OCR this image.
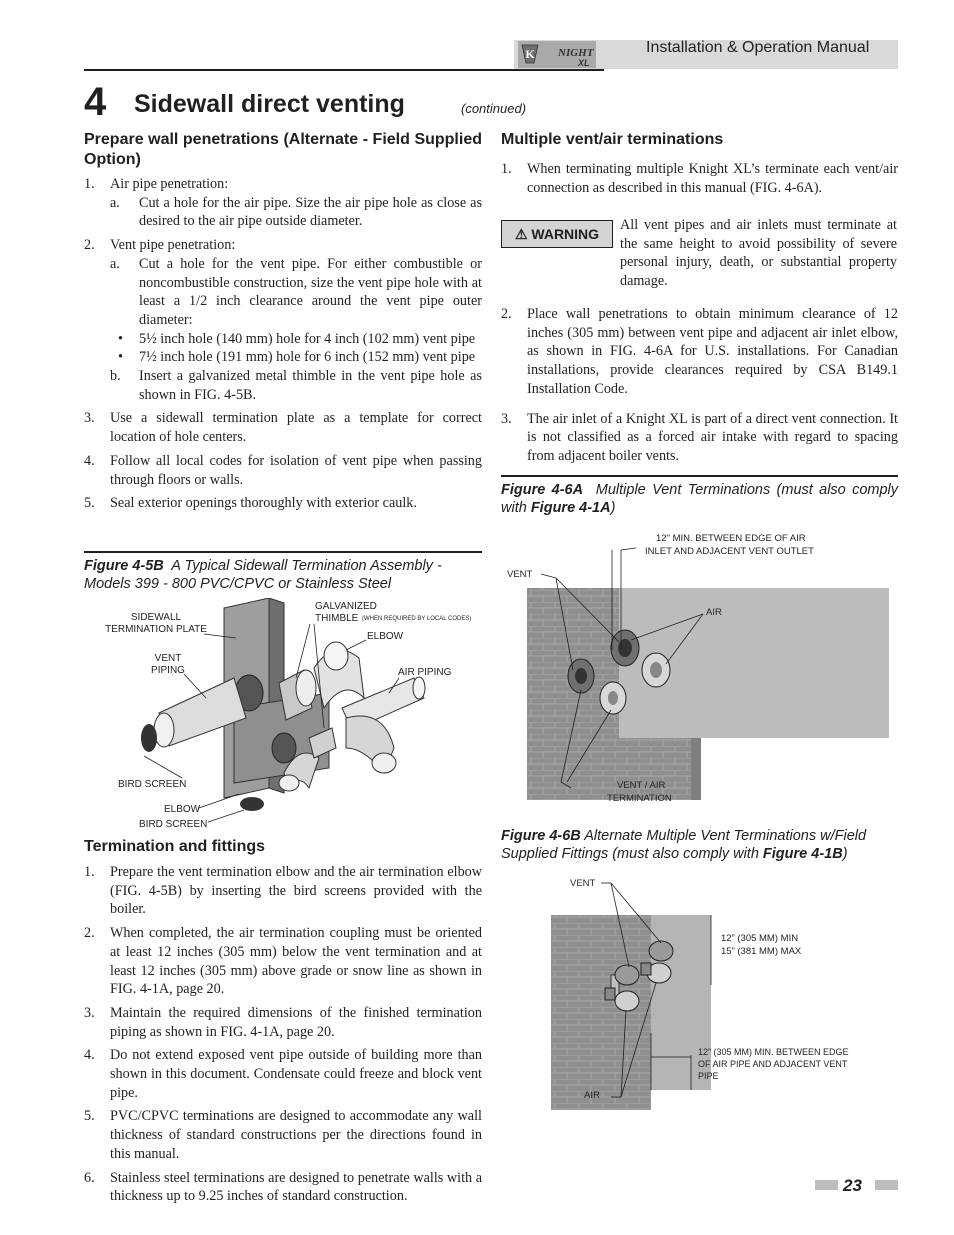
K NIGHT
XL
Installation & Operation Manual
4 Sidewall direct venting	(continued)
Prepare wall penetrations (Alternate - Field Supplied Option)
1. Air pipe penetration:
a. Cut a hole for the air pipe. Size the air pipe hole as close as desired to the air pipe outside diameter.
2. Vent pipe penetration:
a. Cut a hole for the vent pipe. For either combustible or noncombustible construction, size the vent pipe hole with at least a 1/2 inch clearance around the vent pipe outer diameter:
• 5½ inch hole (140 mm) hole for 4 inch (102 mm) vent pipe
• 7½ inch hole (191 mm) hole for 6 inch (152 mm) vent pipe
b. Insert a galvanized metal thimble in the vent pipe hole as shown in FIG. 4-5B.
3. Use a sidewall termination plate as a template for correct location of hole centers.
4. Follow all local codes for isolation of vent pipe when passing through floors or walls.
5. Seal exterior openings thoroughly with exterior caulk.
Figure 4-5B A Typical Sidewall Termination Assembly - Models 399 - 800 PVC/CPVC or Stainless Steel
SIDEWALL TERMINATION PLATE
GALVANIZED THIMBLE (WHEN REQUIRED BY LOCAL CODES)
ELBOW
VENT PIPING	AIR PIPING
BIRD SCREEN
ELBOW
BIRD SCREEN
Termination and fittings
1. Prepare the vent termination elbow and the air termination elbow (FIG. 4-5B) by inserting the bird screens provided with the boiler.
2. When completed, the air termination coupling must be oriented at least 12 inches (305 mm) below the vent termination and at least 12 inches (305 mm) above grade or snow line as shown in FIG. 4-1A, page 20.
3. Maintain the required dimensions of the finished termination piping as shown in FIG. 4-1A, page 20.
4. Do not extend exposed vent pipe outside of building more than shown in this document. Condensate could freeze and block vent pipe.
5. PVC/CPVC terminations are designed to accommodate any wall thickness of standard constructions per the directions found in this manual.
6. Stainless steel terminations are designed to penetrate walls with a thickness up to 9.25 inches of standard construction.
Multiple vent/air terminations
1. When terminating multiple Knight XL’s terminate each vent/air connection as described in this manual (FIG. 4-6A).
⚠ WARNING
All vent pipes and air inlets must terminate at the same height to avoid possibility of severe personal injury, death, or substantial property damage.
2. Place wall penetrations to obtain minimum clearance of 12 inches (305 mm) between vent pipe and adjacent air inlet elbow, as shown in FIG. 4-6A for U.S. installations. For Canadian installations, provide clearances required by CSA B149.1 Installation Code.
3. The air inlet of a Knight XL is part of a direct vent connection. It is not classified as a forced air intake with regard to spacing from adjacent boiler vents.
Figure 4-6A Multiple Vent Terminations (must also comply with Figure 4-1A)
12" MIN. BETWEEN EDGE OF AIR
INLET AND ADJACENT VENT OUTLET
VENT
AIR
VENT / AIR
TERMINATION
Figure 4-6B Alternate Multiple Vent Terminations w/Field Supplied Fittings (must also comply with Figure 4-1B)
VENT
12” (305 MM) MIN
15” (381 MM) MAX
12” (305 MM) MIN. BETWEEN EDGE
OF AIR PIPE AND ADJACENT VENT
PIPE
AIR
23
